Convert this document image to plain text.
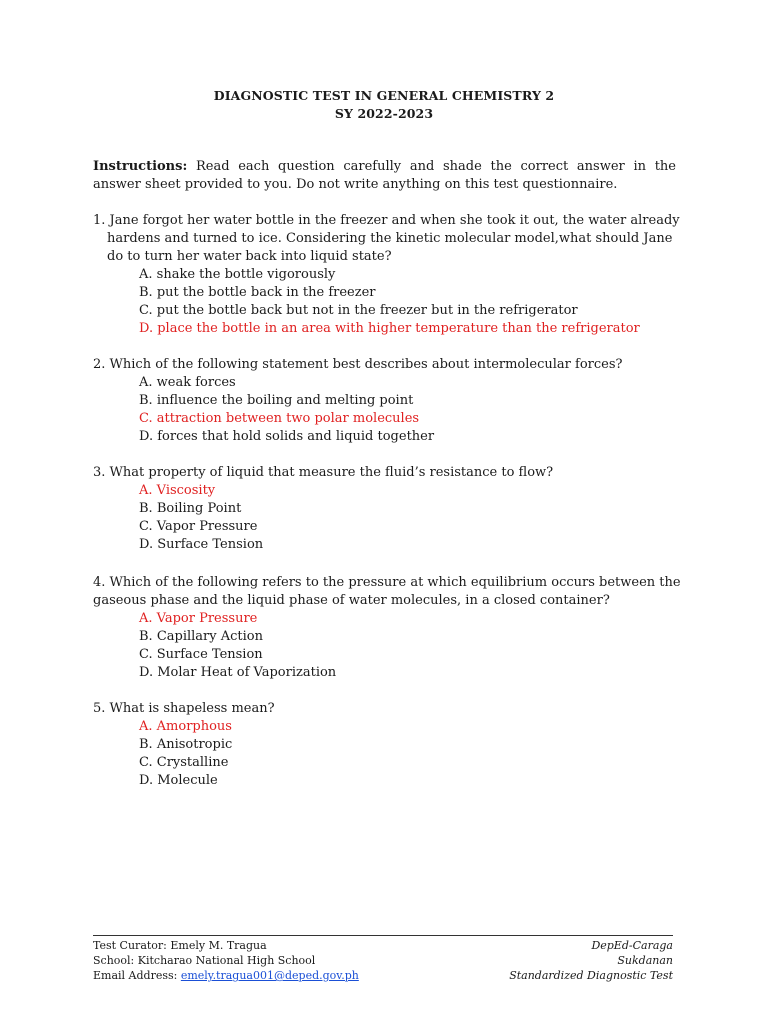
DIAGNOSTIC TEST IN GENERAL CHEMISTRY 2
SY 2022-2023
Instructions: Read each question carefully and shade the correct answer in the answer sheet provided to you. Do not write anything on this test questionnaire.

1. Jane forgot her water bottle in the freezer and when she took it out, the water already hardens and turned to ice. Considering the kinetic molecular model,what should Jane do to turn her water back into liquid state?

A. shake the bottle vigorously

B. put the bottle back in the freezer

C. put the bottle back but not in the freezer but in the refrigerator

D. place the bottle in an area with higher temperature than the refrigerator

2. Which of the following statement best describes about intermolecular forces?

A. weak forces

B. influence the boiling and melting point

C. attraction between two polar molecules

D. forces that hold solids and liquid together

3. What property of liquid that measure the fluid’s resistance to flow?

A. Viscosity

B. Boiling Point

C. Vapor Pressure

D. Surface Tension

4. Which of the following refers to the pressure at which equilibrium occurs between the gaseous phase and the liquid phase of water molecules, in a closed container?

A. Vapor Pressure

B. Capillary Action

C. Surface Tension

D. Molar Heat of Vaporization

5. What is shapeless mean?

A. Amorphous

B. Anisotropic

C. Crystalline

D. Molecule

Test Curator: Emely M. Tragua
School: Kitcharao National High School
Email Address: emely.tragua001@deped.gov.ph
DepEd-Caraga
Sukdanan
Standardized Diagnostic Test
